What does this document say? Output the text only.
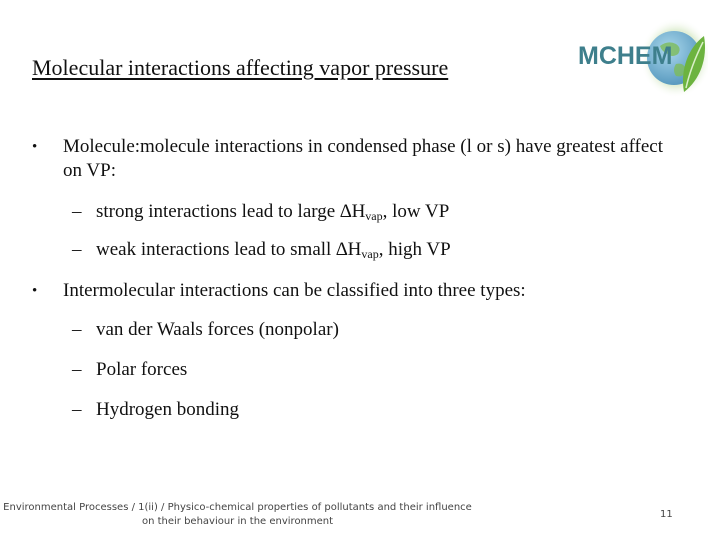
Molecular interactions affecting vapor pressure	MCHEM
• Molecule:molecule interactions in condensed phase (l or s) have greatest affect on VP:
– strong interactions lead to large $\Delta H_{vap}$, low VP
– weak interactions lead to small $\Delta H_{vap}$, high VP
• Intermolecular interactions can be classified into three types:
– van der Waals forces (nonpolar)
– Polar forces
– Hydrogen bonding
Environmental Processes / 1(ii) / Physico-chemical properties of pollutants and their influence on their behaviour in the environment
11
